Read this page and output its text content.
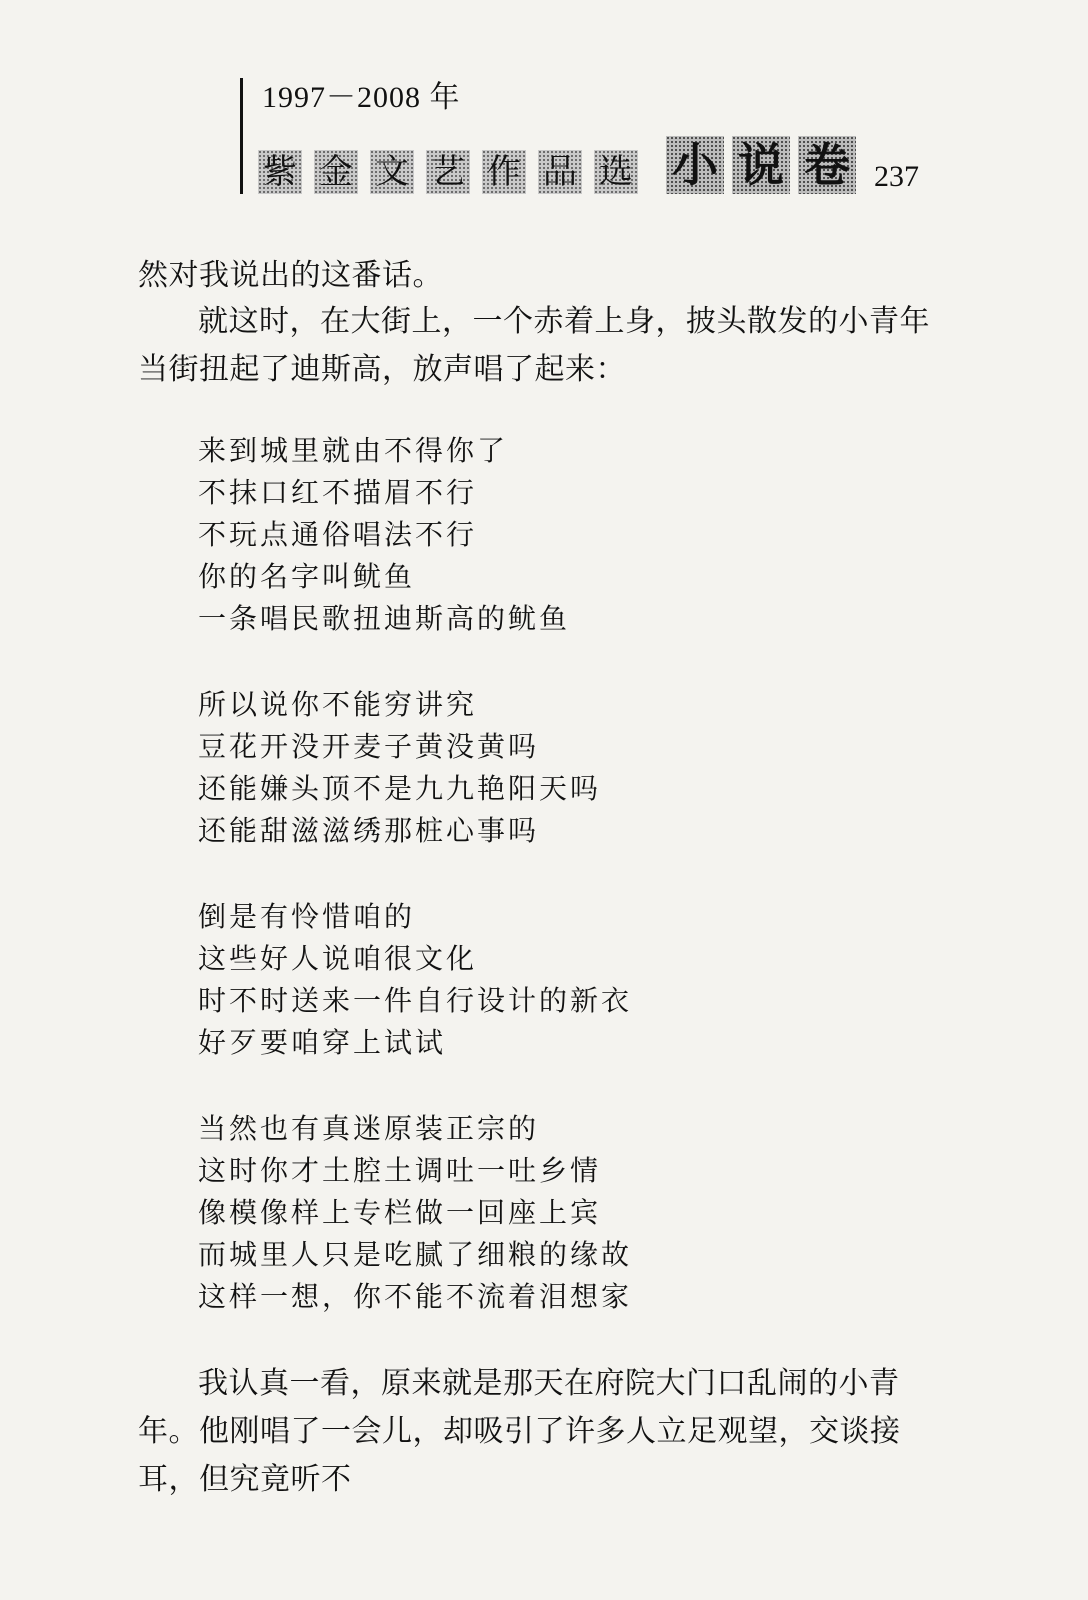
1997－2008 年
紫 金 文 艺 作 品 选 小 说 卷 237

然对我说出的这番话。

就这时，在大街上，一个赤着上身，披头散发的小青年当街扭起了迪斯高，放声唱了起来：

来到城里就由不得你了
不抹口红不描眉不行
不玩点通俗唱法不行
你的名字叫鱿鱼
一条唱民歌扭迪斯高的鱿鱼
所以说你不能穷讲究
豆花开没开麦子黄没黄吗
还能嫌头顶不是九九艳阳天吗
还能甜滋滋绣那桩心事吗
倒是有怜惜咱的
这些好人说咱很文化
时不时送来一件自行设计的新衣
好歹要咱穿上试试
当然也有真迷原装正宗的
这时你才土腔土调吐一吐乡情
像模像样上专栏做一回座上宾
而城里人只是吃腻了细粮的缘故
这样一想，你不能不流着泪想家

我认真一看，原来就是那天在府院大门口乱闹的小青年。他刚唱了一会儿，却吸引了许多人立足观望，交谈接耳，但究竟听不
